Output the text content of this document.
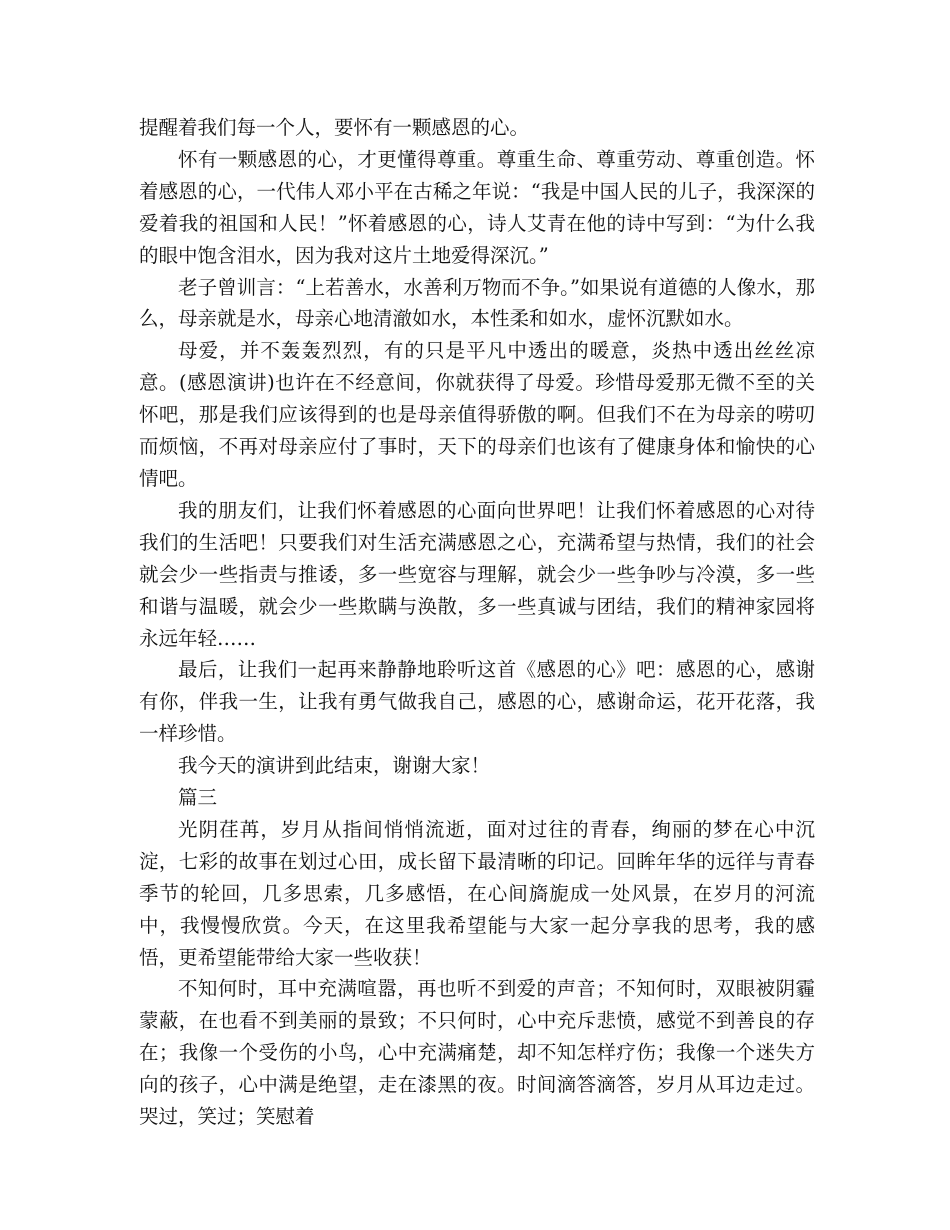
提醒着我们每一个人，要怀有一颗感恩的心。

怀有一颗感恩的心，才更懂得尊重。尊重生命、尊重劳动、尊重创造。怀着感恩的心，一代伟人邓小平在古稀之年说：“我是中国人民的儿子，我深深的爱着我的祖国和人民！”怀着感恩的心，诗人艾青在他的诗中写到：“为什么我的眼中饱含泪水，因为我对这片土地爱得深沉。”

老子曾训言：“上若善水，水善利万物而不争。”如果说有道德的人像水，那么，母亲就是水，母亲心地清澈如水，本性柔和如水，虚怀沉默如水。

母爱，并不轰轰烈烈，有的只是平凡中透出的暖意，炎热中透出丝丝凉意。(感恩演讲)也许在不经意间，你就获得了母爱。珍惜母爱那无微不至的关怀吧，那是我们应该得到的也是母亲值得骄傲的啊。但我们不在为母亲的唠叨而烦恼，不再对母亲应付了事时，天下的母亲们也该有了健康身体和愉快的心情吧。

我的朋友们，让我们怀着感恩的心面向世界吧！让我们怀着感恩的心对待我们的生活吧！只要我们对生活充满感恩之心，充满希望与热情，我们的社会就会少一些指责与推诿，多一些宽容与理解，就会少一些争吵与冷漠，多一些和谐与温暖，就会少一些欺瞒与涣散，多一些真诚与团结，我们的精神家园将永远年轻……

最后，让我们一起再来静静地聆听这首《感恩的心》吧：感恩的心，感谢有你，伴我一生，让我有勇气做我自己，感恩的心，感谢命运，花开花落，我一样珍惜。

我今天的演讲到此结束，谢谢大家！

篇三

光阴荏苒，岁月从指间悄悄流逝，面对过往的青春，绚丽的梦在心中沉淀，七彩的故事在划过心田，成长留下最清晰的印记。回眸年华的远徉与青春季节的轮回，几多思索，几多感悟，在心间旖旎成一处风景，在岁月的河流中，我慢慢欣赏。今天，在这里我希望能与大家一起分享我的思考，我的感悟，更希望能带给大家一些收获！

不知何时，耳中充满喧嚣，再也听不到爱的声音；不知何时，双眼被阴霾蒙蔽，在也看不到美丽的景致；不只何时，心中充斥悲愤，感觉不到善良的存在；我像一个受伤的小鸟，心中充满痛楚，却不知怎样疗伤；我像一个迷失方向的孩子，心中满是绝望，走在漆黑的夜。时间滴答滴答，岁月从耳边走过。哭过，笑过；笑慰着
